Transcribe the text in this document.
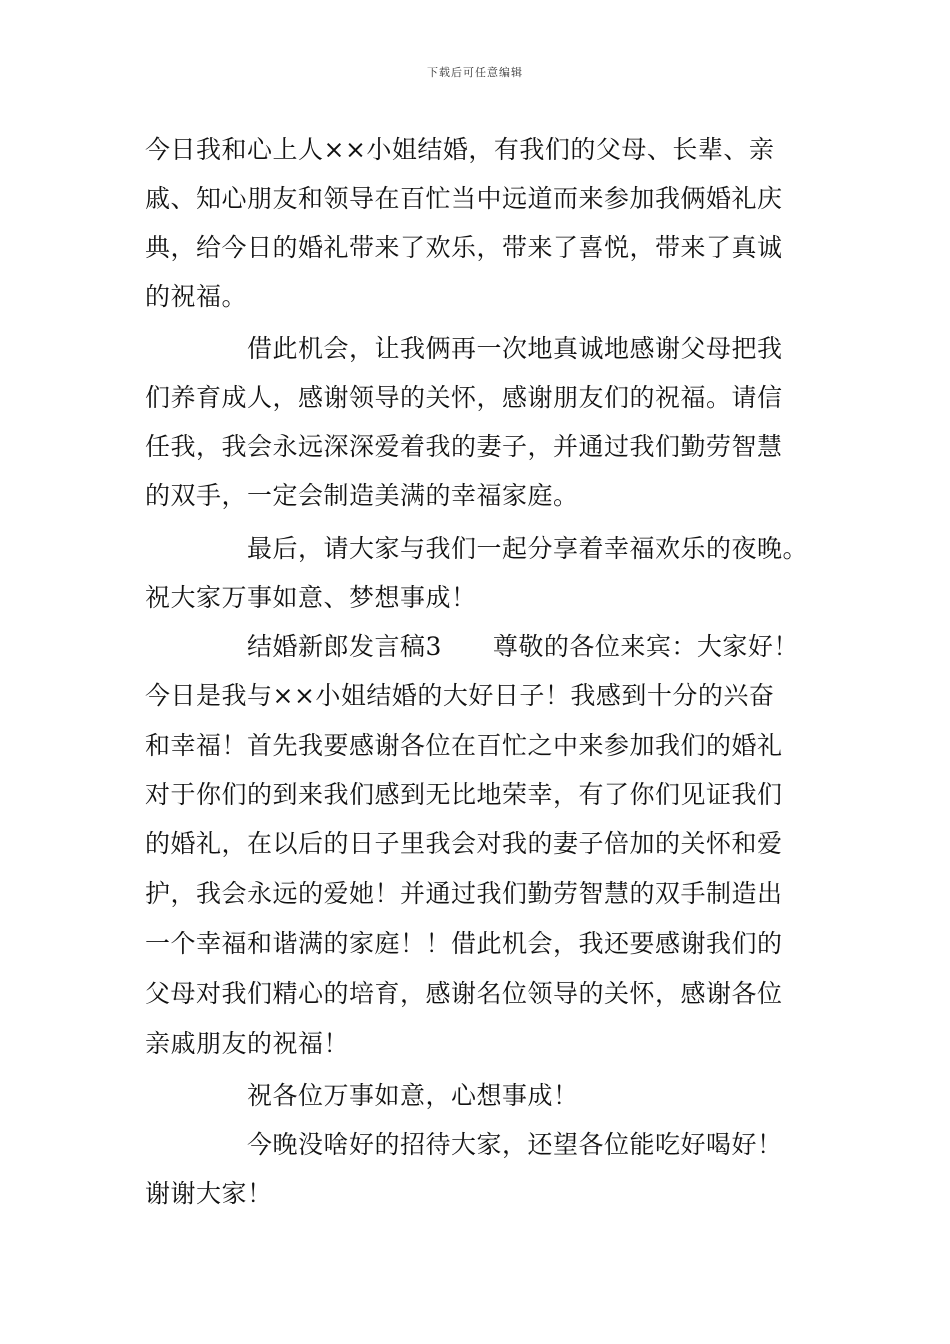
下载后可任意编辑
今日我和心上人××小姐结婚，有我们的父母、长辈、亲
戚、知心朋友和领导在百忙当中远道而来参加我俩婚礼庆
典，给今日的婚礼带来了欢乐，带来了喜悦，带来了真诚
的祝福。
借此机会，让我俩再一次地真诚地感谢父母把我
们养育成人，感谢领导的关怀，感谢朋友们的祝福。请信
任我，我会永远深深爱着我的妻子，并通过我们勤劳智慧
的双手，一定会制造美满的幸福家庭。
最后，请大家与我们一起分享着幸福欢乐的夜晚。
祝大家万事如意、梦想事成！
结婚新郎发言稿3　　尊敬的各位来宾：大家好！
今日是我与××小姐结婚的大好日子！我感到十分的兴奋
和幸福！首先我要感谢各位在百忙之中来参加我们的婚礼
对于你们的到来我们感到无比地荣幸，有了你们见证我们
的婚礼，在以后的日子里我会对我的妻子倍加的关怀和爱
护，我会永远的爱她！并通过我们勤劳智慧的双手制造出
一个幸福和谐满的家庭！！借此机会，我还要感谢我们的
父母对我们精心的培育，感谢名位领导的关怀，感谢各位
亲戚朋友的祝福！
祝各位万事如意，心想事成！
今晚没啥好的招待大家，还望各位能吃好喝好！
谢谢大家！
